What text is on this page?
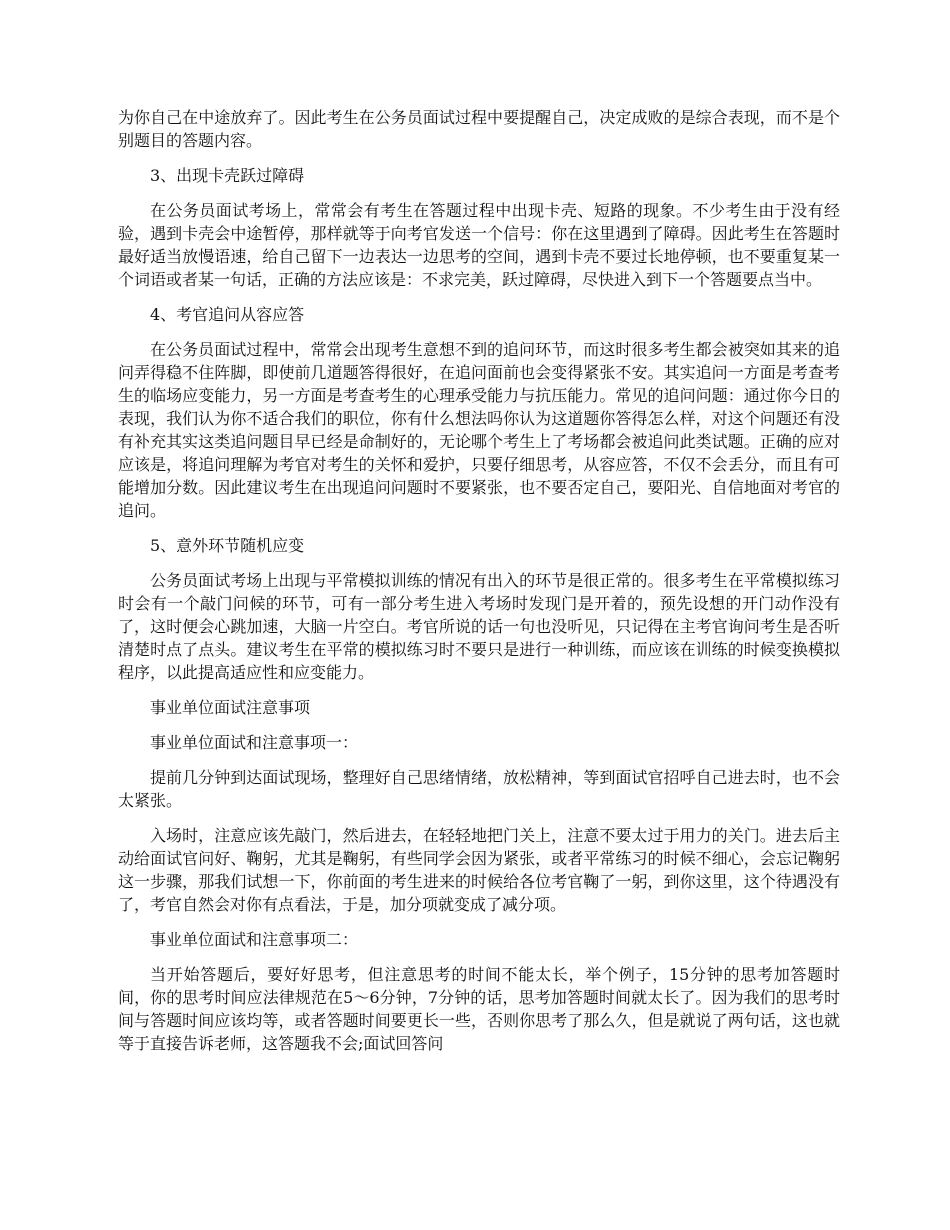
为你自己在中途放弃了。因此考生在公务员面试过程中要提醒自己，决定成败的是综合表现，而不是个别题目的答题内容。

3、出现卡壳跃过障碍

在公务员面试考场上，常常会有考生在答题过程中出现卡壳、短路的现象。不少考生由于没有经验，遇到卡壳会中途暂停，那样就等于向考官发送一个信号：你在这里遇到了障碍。因此考生在答题时最好适当放慢语速，给自己留下一边表达一边思考的空间，遇到卡壳不要过长地停顿，也不要重复某一个词语或者某一句话，正确的方法应该是：不求完美，跃过障碍，尽快进入到下一个答题要点当中。

4、考官追问从容应答

在公务员面试过程中，常常会出现考生意想不到的追问环节，而这时很多考生都会被突如其来的追问弄得稳不住阵脚，即使前几道题答得很好，在追问面前也会变得紧张不安。其实追问一方面是考查考生的临场应变能力，另一方面是考查考生的心理承受能力与抗压能力。常见的追问问题：通过你今日的表现，我们认为你不适合我们的职位，你有什么想法吗你认为这道题你答得怎么样，对这个问题还有没有补充其实这类追问题目早已经是命制好的，无论哪个考生上了考场都会被追问此类试题。正确的应对应该是，将追问理解为考官对考生的关怀和爱护，只要仔细思考，从容应答，不仅不会丢分，而且有可能增加分数。因此建议考生在出现追问问题时不要紧张，也不要否定自己，要阳光、自信地面对考官的追问。

5、意外环节随机应变

公务员面试考场上出现与平常模拟训练的情况有出入的环节是很正常的。很多考生在平常模拟练习时会有一个敲门问候的环节，可有一部分考生进入考场时发现门是开着的，预先设想的开门动作没有了，这时便会心跳加速，大脑一片空白。考官所说的话一句也没听见，只记得在主考官询问考生是否听清楚时点了点头。建议考生在平常的模拟练习时不要只是进行一种训练，而应该在训练的时候变换模拟程序，以此提高适应性和应变能力。

事业单位面试注意事项

事业单位面试和注意事项一：

提前几分钟到达面试现场，整理好自己思绪情绪，放松精神，等到面试官招呼自己进去时，也不会太紧张。

入场时，注意应该先敲门，然后进去，在轻轻地把门关上，注意不要太过于用力的关门。进去后主动给面试官问好、鞠躬，尤其是鞠躬，有些同学会因为紧张，或者平常练习的时候不细心，会忘记鞠躬这一步骤，那我们试想一下，你前面的考生进来的时候给各位考官鞠了一躬，到你这里，这个待遇没有了，考官自然会对你有点看法，于是，加分项就变成了减分项。

事业单位面试和注意事项二：

当开始答题后，要好好思考，但注意思考的时间不能太长，举个例子，15分钟的思考加答题时间，你的思考时间应法律规范在5～6分钟，7分钟的话，思考加答题时间就太长了。因为我们的思考时间与答题时间应该均等，或者答题时间要更长一些，否则你思考了那么久，但是就说了两句话，这也就等于直接告诉老师，这答题我不会;面试回答问
